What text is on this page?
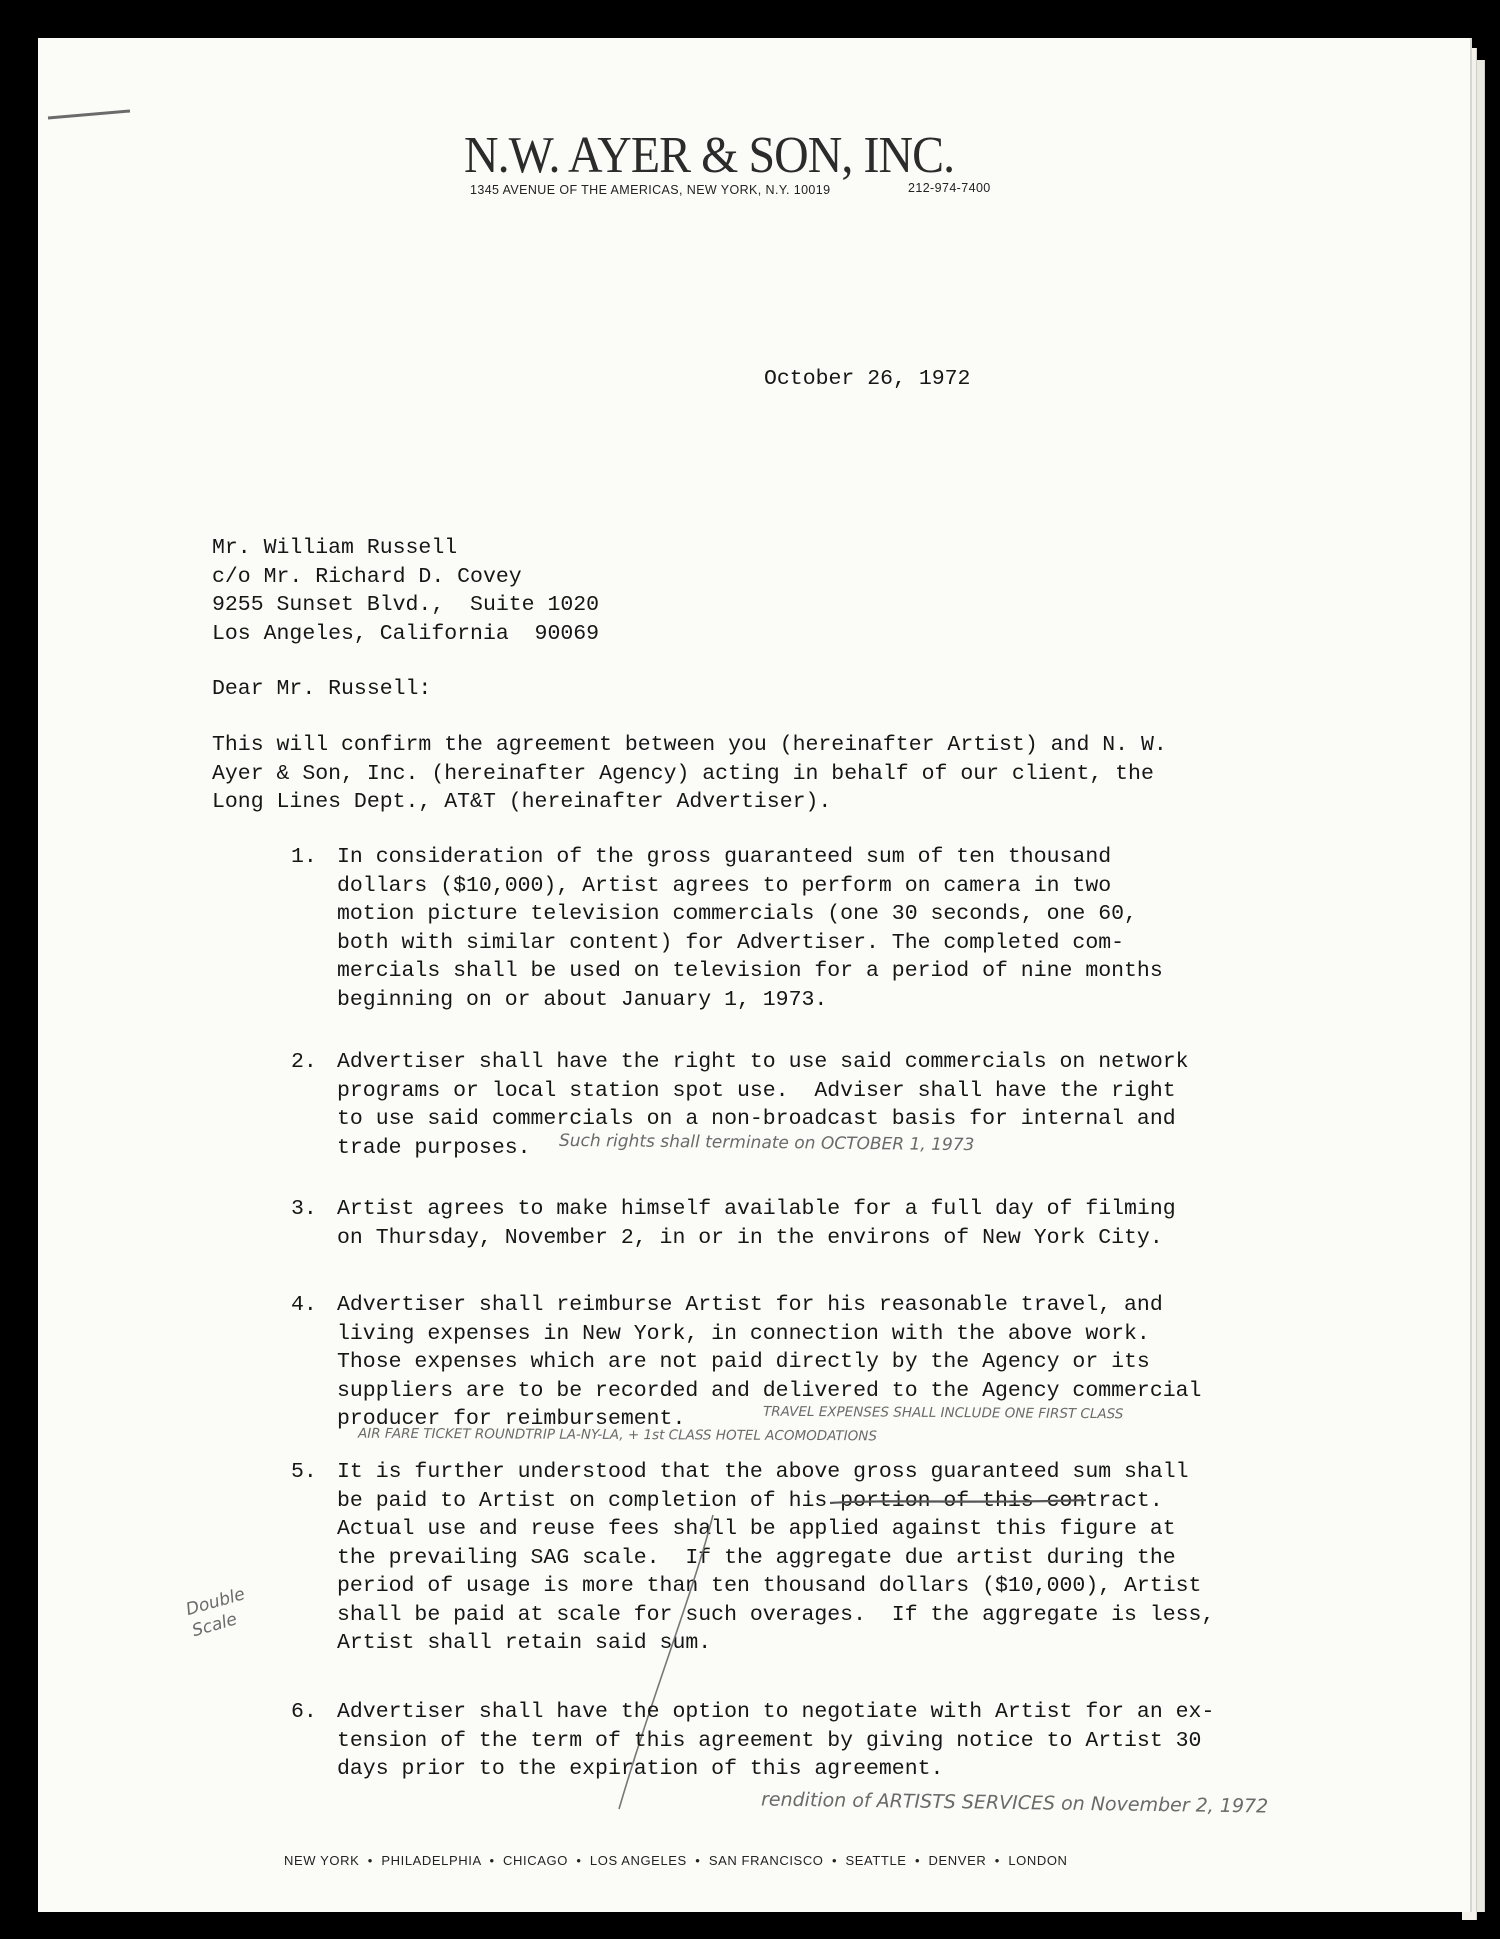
N.W. AYER & SON, INC.
1345 AVENUE OF THE AMERICAS, NEW YORK, N.Y. 10019	212-974-7400
October 26, 1972
Mr. William Russell
c/o Mr. Richard D. Covey
9255 Sunset Blvd.,  Suite 1020
Los Angeles, California  90069
Dear Mr. Russell:
This will confirm the agreement between you (hereinafter Artist) and N. W.
Ayer & Son, Inc. (hereinafter Agency) acting in behalf of our client, the
Long Lines Dept., AT&T (hereinafter Advertiser).
1. In consideration of the gross guaranteed sum of ten thousand
dollars ($10,000), Artist agrees to perform on camera in two
motion picture television commercials (one 30 seconds, one 60,
both with similar content) for Advertiser. The completed com-
mercials shall be used on television for a period of nine months
beginning on or about January 1, 1973.
2. Advertiser shall have the right to use said commercials on network
programs or local station spot use.  Adviser shall have the right
to use said commercials on a non-broadcast basis for internal and
trade purposes.	Such rights shall terminate on OCTOBER 1, 1973
3. Artist agrees to make himself available for a full day of filming
on Thursday, November 2, in or in the environs of New York City.
4. Advertiser shall reimburse Artist for his reasonable travel, and
living expenses in New York, in connection with the above work.
Those expenses which are not paid directly by the Agency or its
suppliers are to be recorded and delivered to the Agency commercial
producer for reimbursement.	TRAVEL EXPENSES SHALL INCLUDE ONE FIRST CLASS
AIR FARE TICKET ROUNDTRIP LA-NY-LA, + 1st CLASS HOTEL ACOMODATIONS
5. It is further understood that the above gross guaranteed sum shall
be paid to Artist on completion of his portion of this contract.
Actual use and reuse fees shall be applied against this figure at
the prevailing SAG scale.  If the aggregate due artist during the
period of usage is more than ten thousand dollars ($10,000), Artist
shall be paid at scale for such overages.  If the aggregate is less,
Artist shall retain said sum.
Double Scale
6. Advertiser shall have the option to negotiate with Artist for an ex-
tension of the term of this agreement by giving notice to Artist 30
days prior to the expiration of this agreement.
rendition of ARTISTS SERVICES on November 2, 1972
NEW YORK  •  PHILADELPHIA  •  CHICAGO  •  LOS ANGELES  •  SAN FRANCISCO  •  SEATTLE  •  DENVER  •  LONDON
